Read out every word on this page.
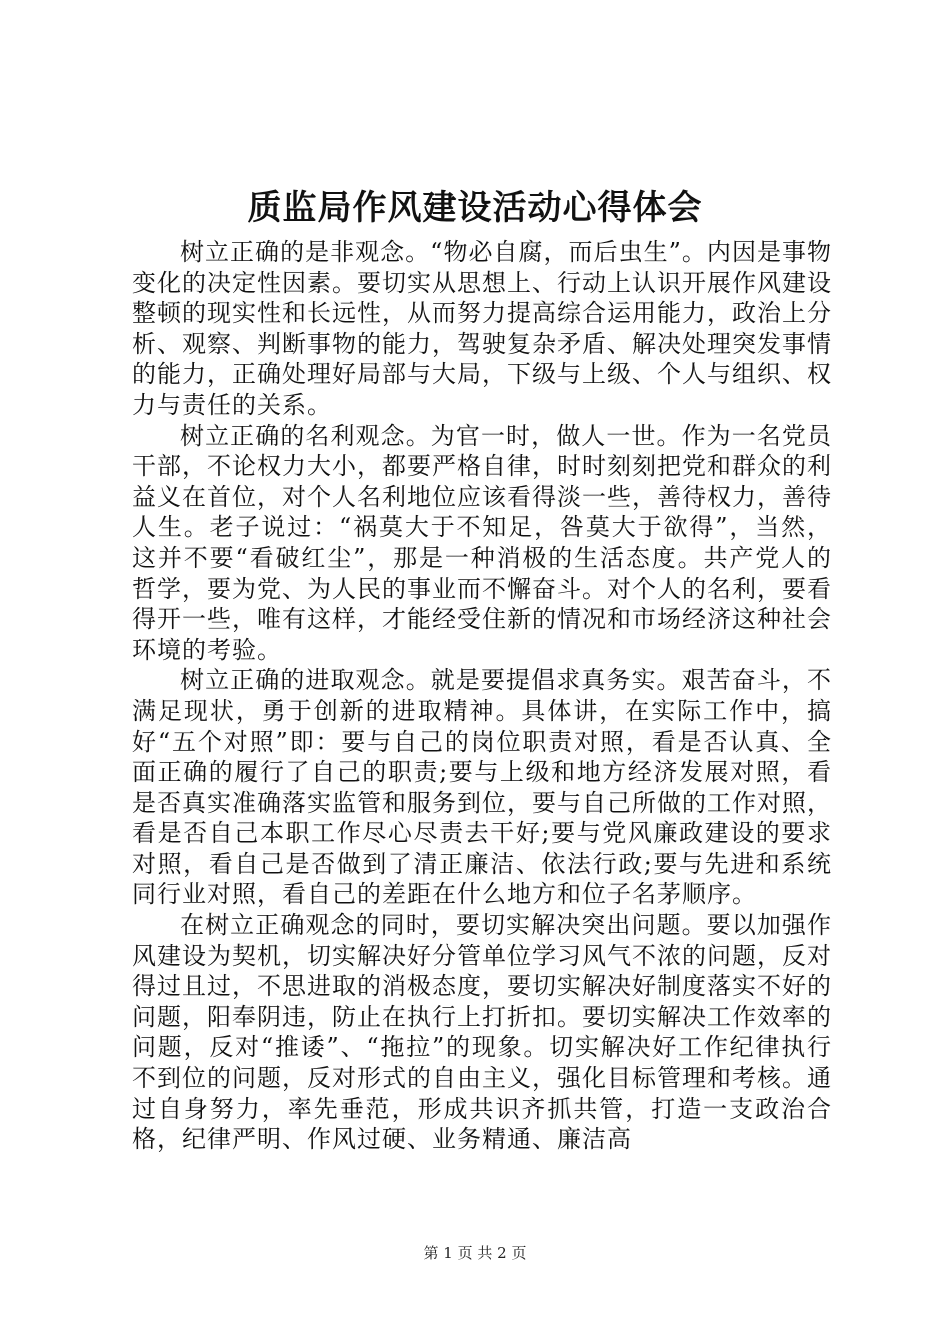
质监局作风建设活动心得体会

树立正确的是非观念。“物必自腐，而后虫生”。内因是事物变化的决定性因素。要切实从思想上、行动上认识开展作风建设整顿的现实性和长远性，从而努力提高综合运用能力，政治上分析、观察、判断事物的能力，驾驶复杂矛盾、解决处理突发事情的能力，正确处理好局部与大局，下级与上级、个人与组织、权力与责任的关系。

树立正确的名利观念。为官一时，做人一世。作为一名党员干部，不论权力大小，都要严格自律，时时刻刻把党和群众的利益义在首位，对个人名利地位应该看得淡一些，善待权力，善待人生。老子说过：“祸莫大于不知足，咎莫大于欲得”，当然，这并不要“看破红尘”，那是一种消极的生活态度。共产党人的哲学，要为党、为人民的事业而不懈奋斗。对个人的名利，要看得开一些，唯有这样，才能经受住新的情况和市场经济这种社会环境的考验。

树立正确的进取观念。就是要提倡求真务实。艰苦奋斗，不满足现状，勇于创新的进取精神。具体讲，在实际工作中，搞好“五个对照”即：要与自己的岗位职责对照，看是否认真、全面正确的履行了自己的职责;要与上级和地方经济发展对照，看是否真实准确落实监管和服务到位，要与自己所做的工作对照，看是否自己本职工作尽心尽责去干好;要与党风廉政建设的要求对照，看自己是否做到了清正廉洁、依法行政;要与先进和系统同行业对照，看自己的差距在什么地方和位子名茅顺序。

在树立正确观念的同时，要切实解决突出问题。要以加强作风建设为契机，切实解决好分管单位学习风气不浓的问题，反对得过且过，不思进取的消极态度，要切实解决好制度落实不好的问题，阳奉阴违，防止在执行上打折扣。要切实解决工作效率的问题，反对“推诿”、“拖拉”的现象。切实解决好工作纪律执行不到位的问题，反对形式的自由主义，强化目标管理和考核。通过自身努力，率先垂范，形成共识齐抓共管，打造一支政治合格，纪律严明、作风过硬、业务精通、廉洁高

第 1 页 共 2 页
